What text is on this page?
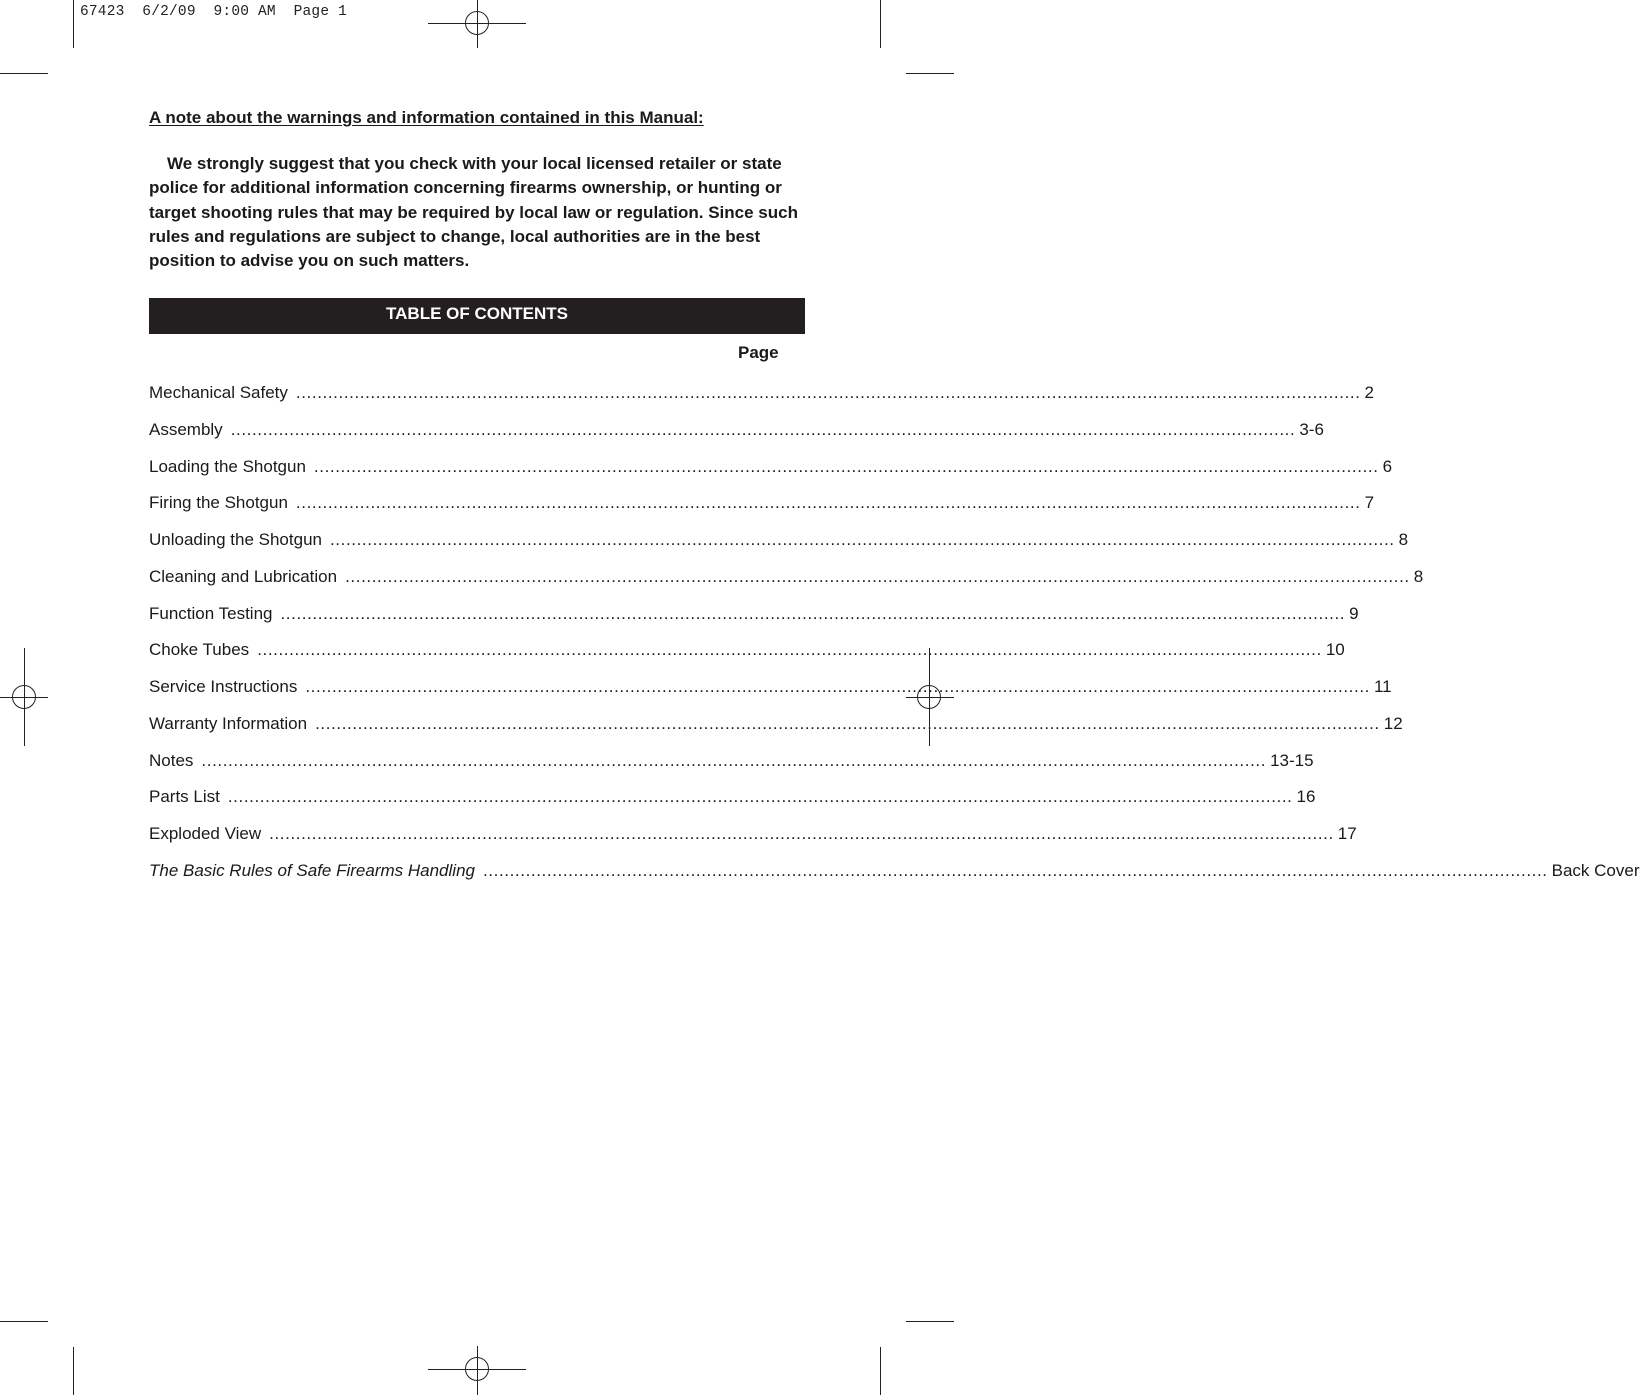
67423  6/2/09  9:00 AM  Page 1
A note about the warnings and information contained in this Manual:

We strongly suggest that you check with your local licensed retailer or state police for additional information concerning firearms ownership, or hunting or target shooting rules that may be required by local law or regulation. Since such rules and regulations are subject to change, local authorities are in the best position to advise you on such matters.

TABLE OF CONTENTS
Page
Mechanical Safety ........................................................................................................................................................................................................ 2
Assembly ........................................................................................................................................................................................................ 3-6
Loading the Shotgun ........................................................................................................................................................................................................ 6
Firing the Shotgun ........................................................................................................................................................................................................ 7
Unloading the Shotgun ........................................................................................................................................................................................................ 8
Cleaning and Lubrication ........................................................................................................................................................................................................ 8
Function Testing ........................................................................................................................................................................................................ 9
Choke Tubes ........................................................................................................................................................................................................ 10
Service Instructions ........................................................................................................................................................................................................ 11
Warranty Information ........................................................................................................................................................................................................ 12
Notes ........................................................................................................................................................................................................ 13-15
Parts List ........................................................................................................................................................................................................ 16
Exploded View ........................................................................................................................................................................................................ 17
The Basic Rules of Safe Firearms Handling ........................................................................................................................................................................................................ Back Cover
